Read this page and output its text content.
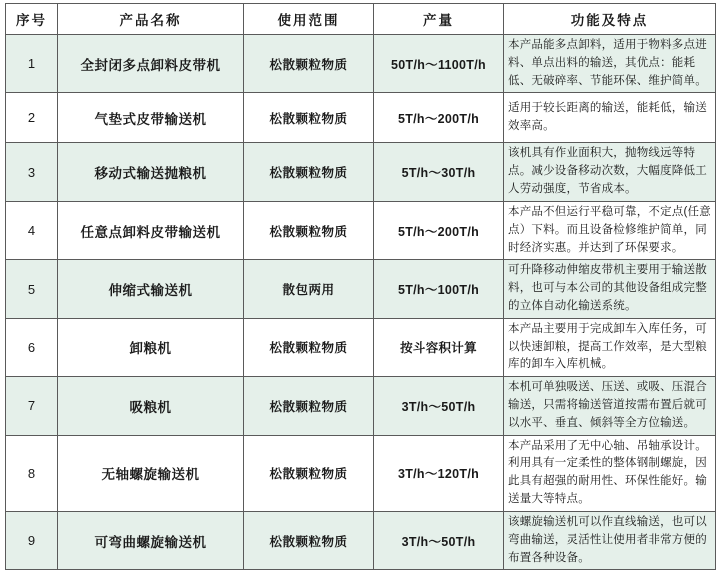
序号	产品名称	使用范围	产量	功能及特点
1	全封闭多点卸料皮带机	松散颗粒物质	50T/h～1100T/h	本产品能多点卸料，适用于物料多点进料、单点出料的输送，其优点：能耗低、无破碎率、节能环保、维护简单。
2	气垫式皮带输送机	松散颗粒物质	5T/h～200T/h	适用于较长距离的输送，能耗低，输送效率高。
3	移动式输送抛粮机	松散颗粒物质	5T/h～30T/h	该机具有作业面积大，抛物线远等特点。减少设备移动次数，大幅度降低工人劳动强度，节省成本。
4	任意点卸料皮带输送机	松散颗粒物质	5T/h～200T/h	本产品不但运行平稳可靠，不定点(任意点）下料。而且设备检修维护简单，同时经济实惠。并达到了环保要求。
5	伸缩式输送机	散包两用	5T/h～100T/h	可升降移动伸缩皮带机主要用于输送散料，也可与本公司的其他设备组成完整的立体自动化输送系统。
6	卸粮机	松散颗粒物质	按斗容积计算	本产品主要用于完成卸车入库任务，可以快速卸粮，提高工作效率，是大型粮库的卸车入库机械。
7	吸粮机	松散颗粒物质	3T/h～50T/h	本机可单独吸送、压送、或吸、压混合输送，只需将输送管道按需布置后就可以水平、垂直、倾斜等全方位输送。
8	无轴螺旋输送机	松散颗粒物质	3T/h～120T/h	本产品采用了无中心轴、吊轴承设计。利用具有一定柔性的整体钢制螺旋，因此具有超强的耐用性、环保性能好。输送量大等特点。
9	可弯曲螺旋输送机	松散颗粒物质	3T/h～50T/h	该螺旋输送机可以作直线输送，也可以弯曲输送，灵活性让使用者非常方便的布置各种设备。
